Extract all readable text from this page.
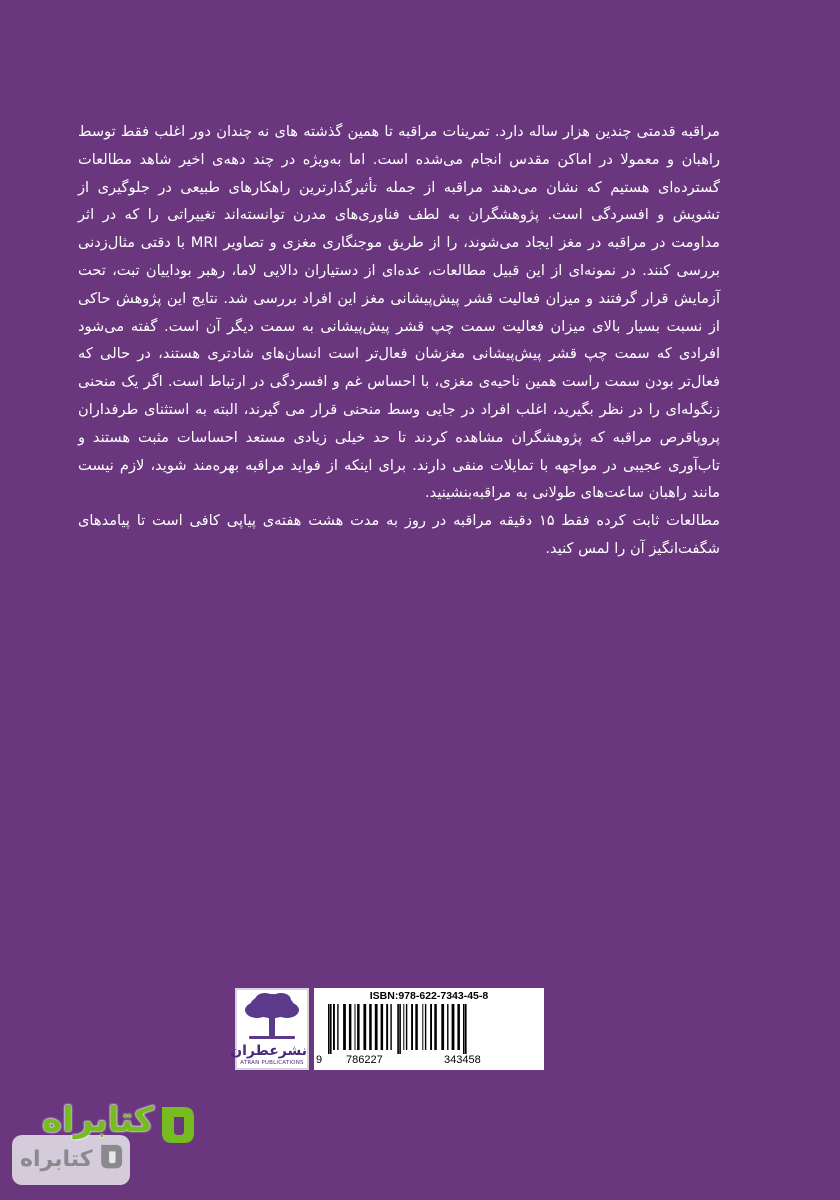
مراقبه قدمتی چندین هزار ساله دارد. تمرینات مراقبه تا همین گذشته های نه چندان دور اغلب فقط توسط راهبان و معمولا در اماکن مقدس انجام می‌شده است. اما به‌ویژه در چند دهه‌ی اخیر شاهد مطالعات گسترده‌ای هستیم که نشان می‌دهند مراقبه از جمله تأثیرگذارترین راهکارهای طبیعی در جلوگیری از تشویش و افسردگی است. پژوهشگران به لطف فناوری‌های مدرن توانسته‌اند تغییراتی را که در اثر مداومت در مراقبه در مغز ایجاد می‌شوند، را از طریق موجنگاری مغزی و تصاویر MRI با دقتی مثال‌زدنی بررسی کنند. در نمونه‌ای از این قبیل مطالعات، عده‌ای از دستیاران دالایی لاما، رهبر بوداییان تبت، تحت آزمایش قرار گرفتند و میزان فعالیت قشر پیش‌پیشانی مغز این افراد بررسی شد. نتایج این پژوهش حاکی از نسبت بسیار بالای میزان فعالیت سمت چپ قشر پیش‌پیشانی به سمت دیگر آن است. گفته می‌شود افرادی که سمت چپ قشر پیش‌پیشانی مغزشان فعال‌تر است انسان‌های شادتری هستند، در حالی که فعال‌تر بودن سمت راست همین ناحیه‌ی مغزی، با احساس غم و افسردگی در ارتباط است. اگر یک منحنی زنگوله‌ای را در نظر بگیرید، اغلب افراد در جایی وسط منحنی قرار می گیرند، البته به استثنای طرفداران پروپاقرص مراقبه که پژوهشگران مشاهده کردند تا حد خیلی زیادی مستعد احساسات مثبت هستند و تاب‌آوری عجیبی در مواجهه با تمایلات منفی دارند. برای اینکه از فواید مراقبه بهره‌مند شوید، لازم نیست مانند راهبان ساعت‌های طولانی به مراقبه‌بنشینید.

مطالعات ثابت کرده فقط ۱۵ دقیقه مراقبه در روز به مدت هشت هفته‌ی پیاپی کافی است تا پیامدهای شگفت‌انگیز آن را لمس کنید.

نشرعطران
ATRAN PUBLICATIONS
ISBN:978-622-7343-45-8
9 786227	343458
کتابراه
کتابراه
